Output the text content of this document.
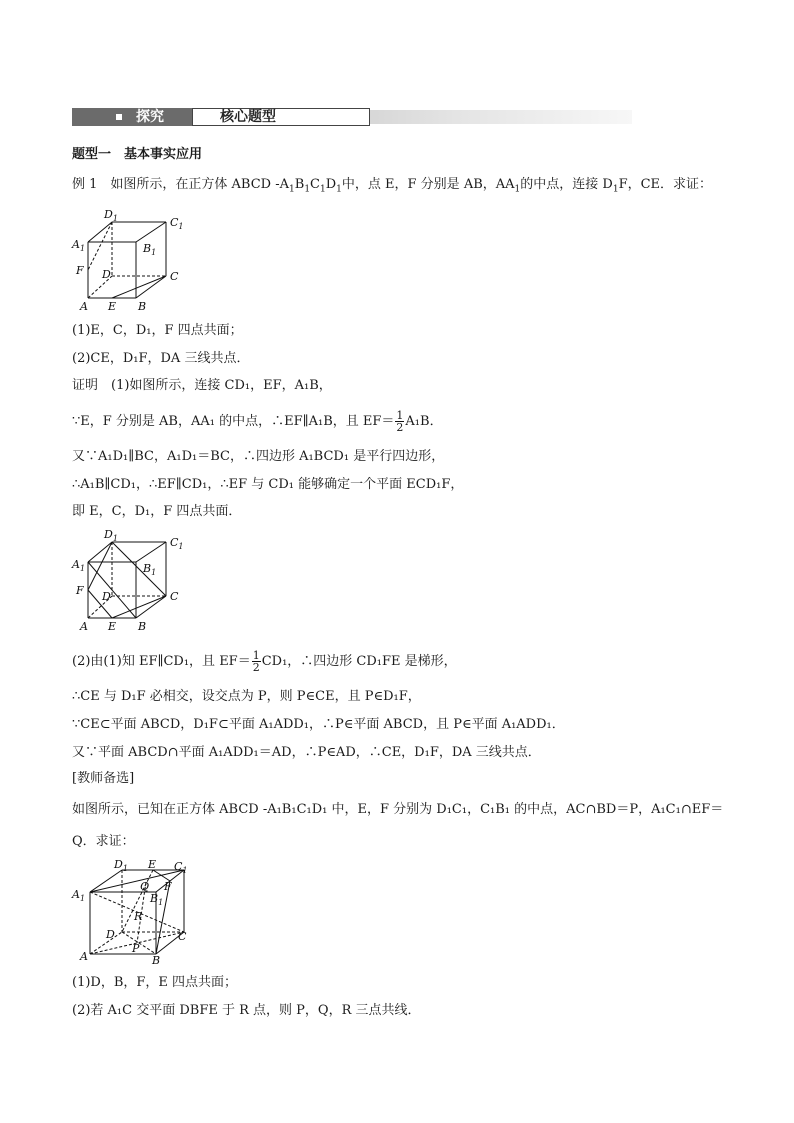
探究	核心题型
题型一　基本事实应用
例 1　如图所示，在正方体 ABCD $-A_1B_1C_1D_1$中，点 E，F 分别是 AB，$AA_1$的中点，连接 $D_1F$，CE．求证：
$D_1$	$C_1$
$A_1$	$B_1$
F D	C
A E B
(1)E，C，D₁，F 四点共面；
(2)CE，D₁F，DA 三线共点．
证明　(1)如图所示，连接 CD₁，EF，A₁B，
∵E，F 分别是 AB，AA₁ 的中点，∴EF∥A₁B，且 $EF= \frac{1}{2} A_1B$．
又∵A₁D₁∥BC，A₁D₁＝BC，∴四边形 A₁BCD₁ 是平行四边形，
∴A₁B∥CD₁，∴EF∥CD₁，∴EF 与 CD₁ 能够确定一个平面 ECD₁F，
即 E，C，D₁，F 四点共面．
$D_1$	$C_1$
$A_1$	$B_1$
F D	C
A E B
(2)由(1)知 EF∥CD₁，且 $EF= \frac{1}{2} CD_1$，∴四边形 CD₁FE 是梯形，
∴CE 与 D₁F 必相交，设交点为 P，则 P∈CE，且 P∈D₁F，
∵CE⊂平面 ABCD，D₁F⊂平面 A₁ADD₁，∴P∈平面 ABCD，且 P∈平面 A₁ADD₁．
又∵平面 ABCD∩平面 A₁ADD₁＝AD，∴P∈AD，∴CE，D₁F，DA 三线共点．
[教师备选]
如图所示，已知在正方体 ABCD -A₁B₁C₁D₁ 中，E，F 分别为 D₁C₁，C₁B₁ 的中点，AC∩BD＝P，A₁C₁∩EF＝
Q．求证：
$D_1$ E $C_1$
$A_1$
Q F
$B_1$
R
D	C
A
P
B
(1)D，B，F，E 四点共面；
(2)若 A₁C 交平面 DBFE 于 R 点，则 P，Q，R 三点共线．
